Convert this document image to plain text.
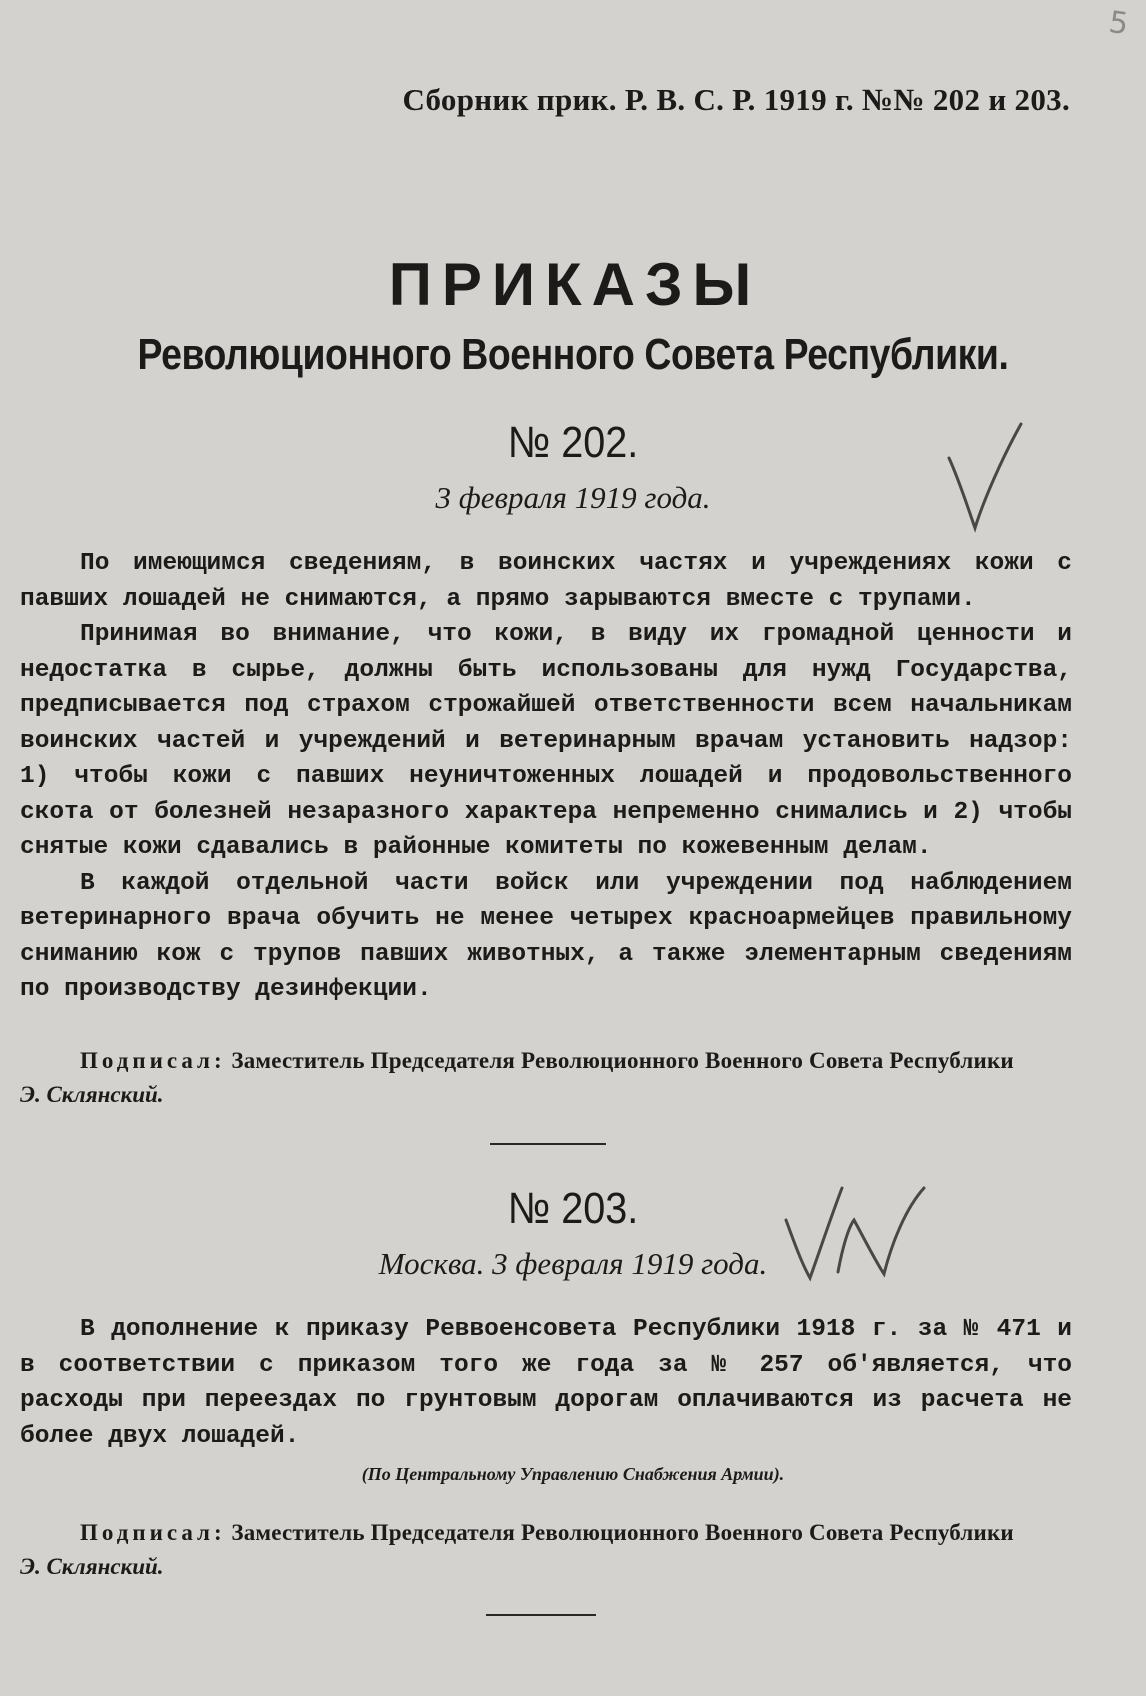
5
Сборник прик. Р. В. С. Р. 1919 г. №№ 202 и 203.
ПРИКАЗЫ
Революционного Военного Совета Республики.
№ 202.
3 февраля 1919 года.

По имеющимся сведениям, в воинских частях и учреждениях кожи с павших лошадей не снимаются, а прямо зарываются вместе с трупами.

Принимая во внимание, что кожи, в виду их громадной ценности и недостатка в сырье, должны быть использованы для нужд Государства, предписывается под страхом строжайшей ответственности всем начальникам воинских частей и учреждений и ветеринарным врачам установить надзор: 1) чтобы кожи с павших неуничтоженных лошадей и продовольственного скота от болезней незаразного характера непременно снимались и 2) чтобы снятые кожи сдавались в районные комитеты по кожевенным делам.

В каждой отдельной части войск или учреждении под наблюдением ветеринарного врача обучить не менее четырех красноармейцев правильному сниманию кож с трупов павших животных, а также элементарным сведениям по производству дезинфекции.

Подписал: Заместитель Председателя Революционного Военного Совета Республики
Э. Склянский.
№ 203.
Москва. 3 февраля 1919 года.

В дополнение к приказу Реввоенсовета Республики 1918 г. за № 471 и в соответствии с приказом того же года за № 257 об'является, что расходы при переездах по грунтовым дорогам оплачиваются из расчета не более двух лошадей.

(По Центральному Управлению Снабжения Армии).
Подписал: Заместитель Председателя Революционного Военного Совета Республики
Э. Склянский.
